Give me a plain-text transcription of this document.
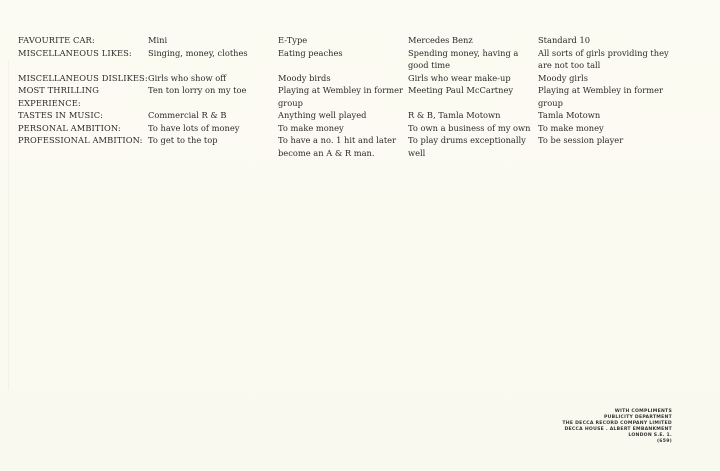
FAVOURITE CAR:	Mini	E-Type	Mercedes Benz	Standard 10
MISCELLANEOUS LIKES:	Singing, money, clothes	Eating peaches	Spending money, having a good time	All sorts of girls providing they are not too tall
MISCELLANEOUS DISLIKES:	Girls who show off	Moody birds	Girls who wear make-up	Moody girls
MOST THRILLING EXPERIENCE:	Ten ton lorry on my toe	Playing at Wembley in former group	Meeting Paul McCartney	Playing at Wembley in former group
TASTES IN MUSIC:	Commercial R & B	Anything well played	R & B, Tamla Motown	Tamla Motown
PERSONAL AMBITION:	To have lots of money	To make money	To own a business of my own	To make money
PROFESSIONAL AMBITION:	To get to the top	To have a no. 1 hit and later become an A & R man.	To play drums exceptionally well	To be session player
WITH COMPLIMENTS
PUBLICITY DEPARTMENT
THE DECCA RECORD COMPANY LIMITED
DECCA HOUSE . ALBERT EMBANKMENT
LONDON S.E. 1.
(659)
